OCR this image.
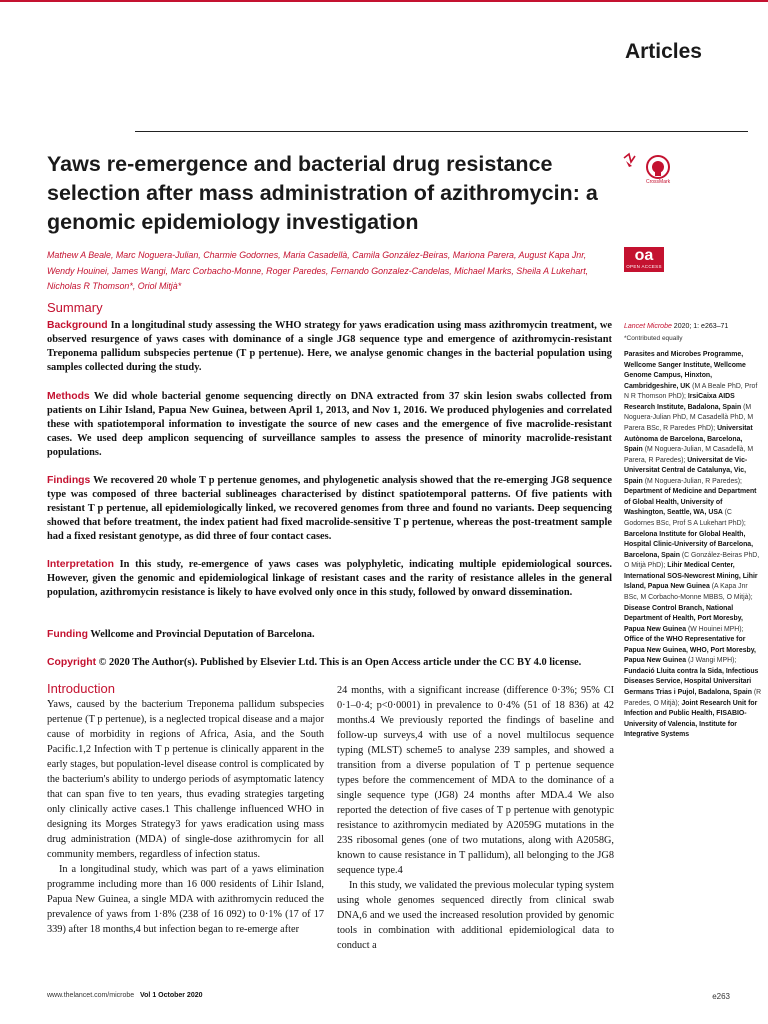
Articles
Yaws re-emergence and bacterial drug resistance selection after mass administration of azithromycin: a genomic epidemiology investigation
CrossMark
oa
OPEN ACCESS
Mathew A Beale, Marc Noguera-Julian, Charmie Godornes, Maria Casadellà, Camila González-Beiras, Mariona Parera, August Kapa Jnr, Wendy Houinei, James Wangi, Marc Corbacho-Monne, Roger Paredes, Fernando Gonzalez-Candelas, Michael Marks, Sheila A Lukehart, Nicholas R Thomson*, Oriol Mitjà*
Summary
Background In a longitudinal study assessing the WHO strategy for yaws eradication using mass azithromycin treatment, we observed resurgence of yaws cases with dominance of a single JG8 sequence type and emergence of azithromycin-resistant Treponema pallidum subspecies pertenue (T p pertenue). Here, we analyse genomic changes in the bacterial population using samples collected during the study.
Methods We did whole bacterial genome sequencing directly on DNA extracted from 37 skin lesion swabs collected from patients on Lihir Island, Papua New Guinea, between April 1, 2013, and Nov 1, 2016. We produced phylogenies and correlated these with spatiotemporal information to investigate the source of new cases and the emergence of five macrolide-resistant cases. We used deep amplicon sequencing of surveillance samples to assess the presence of minority macrolide-resistant populations.
Findings We recovered 20 whole T p pertenue genomes, and phylogenetic analysis showed that the re-emerging JG8 sequence type was composed of three bacterial sublineages characterised by distinct spatiotemporal patterns. Of five patients with resistant T p pertenue, all epidemiologically linked, we recovered genomes from three and found no variants. Deep sequencing showed that before treatment, the index patient had fixed macrolide-sensitive T p pertenue, whereas the post-treatment sample had a fixed resistant genotype, as did three of four contact cases.
Interpretation In this study, re-emergence of yaws cases was polyphyletic, indicating multiple epidemiological sources. However, given the genomic and epidemiological linkage of resistant cases and the rarity of resistance alleles in the general population, azithromycin resistance is likely to have evolved only once in this study, followed by onward dissemination.
Funding Wellcome and Provincial Deputation of Barcelona.
Copyright © 2020 The Author(s). Published by Elsevier Ltd. This is an Open Access article under the CC BY 4.0 license.
Introduction

Yaws, caused by the bacterium Treponema pallidum subspecies pertenue (T p pertenue), is a neglected tropical disease and a major cause of morbidity in regions of Africa, Asia, and the South Pacific.1,2 Infection with T p pertenue is clinically apparent in the early stages, but population-level disease control is complicated by the bacterium's ability to undergo periods of asymptomatic latency that can span five to ten years, thus evading strategies targeting only clinically active cases.1 This challenge influenced WHO in designing its Morges Strategy3 for yaws eradication using mass drug administration (MDA) of single-dose azithromycin for all community members, regardless of infection status.

In a longitudinal study, which was part of a yaws elimination programme including more than 16 000 residents of Lihir Island, Papua New Guinea, a single MDA with azithromycin reduced the prevalence of yaws from 1·8% (238 of 16 092) to 0·1% (17 of 17 339) after 18 months,4 but infection began to re-emerge after

24 months, with a significant increase (difference 0·3%; 95% CI 0·1–0·4; p<0·0001) in prevalence to 0·4% (51 of 18 836) at 42 months.4 We previously reported the findings of baseline and follow-up surveys,4 with use of a novel multilocus sequence typing (MLST) scheme5 to analyse 239 samples, and showed a transition from a diverse population of T p pertenue sequence types before the commencement of MDA to the dominance of a single sequence type (JG8) 24 months after MDA.4 We also reported the detection of five cases of T p pertenue with genotypic resistance to azithromycin mediated by A2059G mutations in the 23S ribosomal genes (one of two mutations, along with A2058G, known to cause resistance in T pallidum), all belonging to the JG8 sequence type.4

In this study, we validated the previous molecular typing system using whole genomes sequenced directly from clinical swab DNA,6 and we used the increased resolution provided by genomic tools in combination with additional epidemiological data to conduct a

Lancet Microbe 2020; 1: e263–71
*Contributed equally
Parasites and Microbes Programme, Wellcome Sanger Institute, Wellcome Genome Campus, Hinxton, Cambridgeshire, UK (M A Beale PhD, Prof N R Thomson PhD); IrsiCaixa AIDS Research Institute, Badalona, Spain (M Noguera-Julian PhD, M Casadellà PhD, M Parera BSc, R Paredes PhD); Universitat Autònoma de Barcelona, Barcelona, Spain (M Noguera-Julian, M Casadellà, M Parera, R Paredes); Universitat de Vic-Universitat Central de Catalunya, Vic, Spain (M Noguera-Julian, R Paredes); Department of Medicine and Department of Global Health, University of Washington, Seattle, WA, USA (C Godornes BSc, Prof S A Lukehart PhD); Barcelona Institute for Global Health, Hospital Clinic-University of Barcelona, Barcelona, Spain (C González-Beiras PhD, O Mitjà PhD); Lihir Medical Center, International SOS-Newcrest Mining, Lihir Island, Papua New Guinea (A Kapa Jnr BSc, M Corbacho-Monne MBBS, O Mitjà); Disease Control Branch, National Department of Health, Port Moresby, Papua New Guinea (W Houinei MPH); Office of the WHO Representative for Papua New Guinea, WHO, Port Moresby, Papua New Guinea (J Wangi MPH); Fundació Lluita contra la Sida, Infectious Diseases Service, Hospital Universitari Germans Trias i Pujol, Badalona, Spain (R Paredes, O Mitjà); Joint Research Unit for Infection and Public Health, FISABIO-University of Valencia, Institute for Integrative Systems
www.thelancet.com/microbe Vol 1 October 2020	e263
